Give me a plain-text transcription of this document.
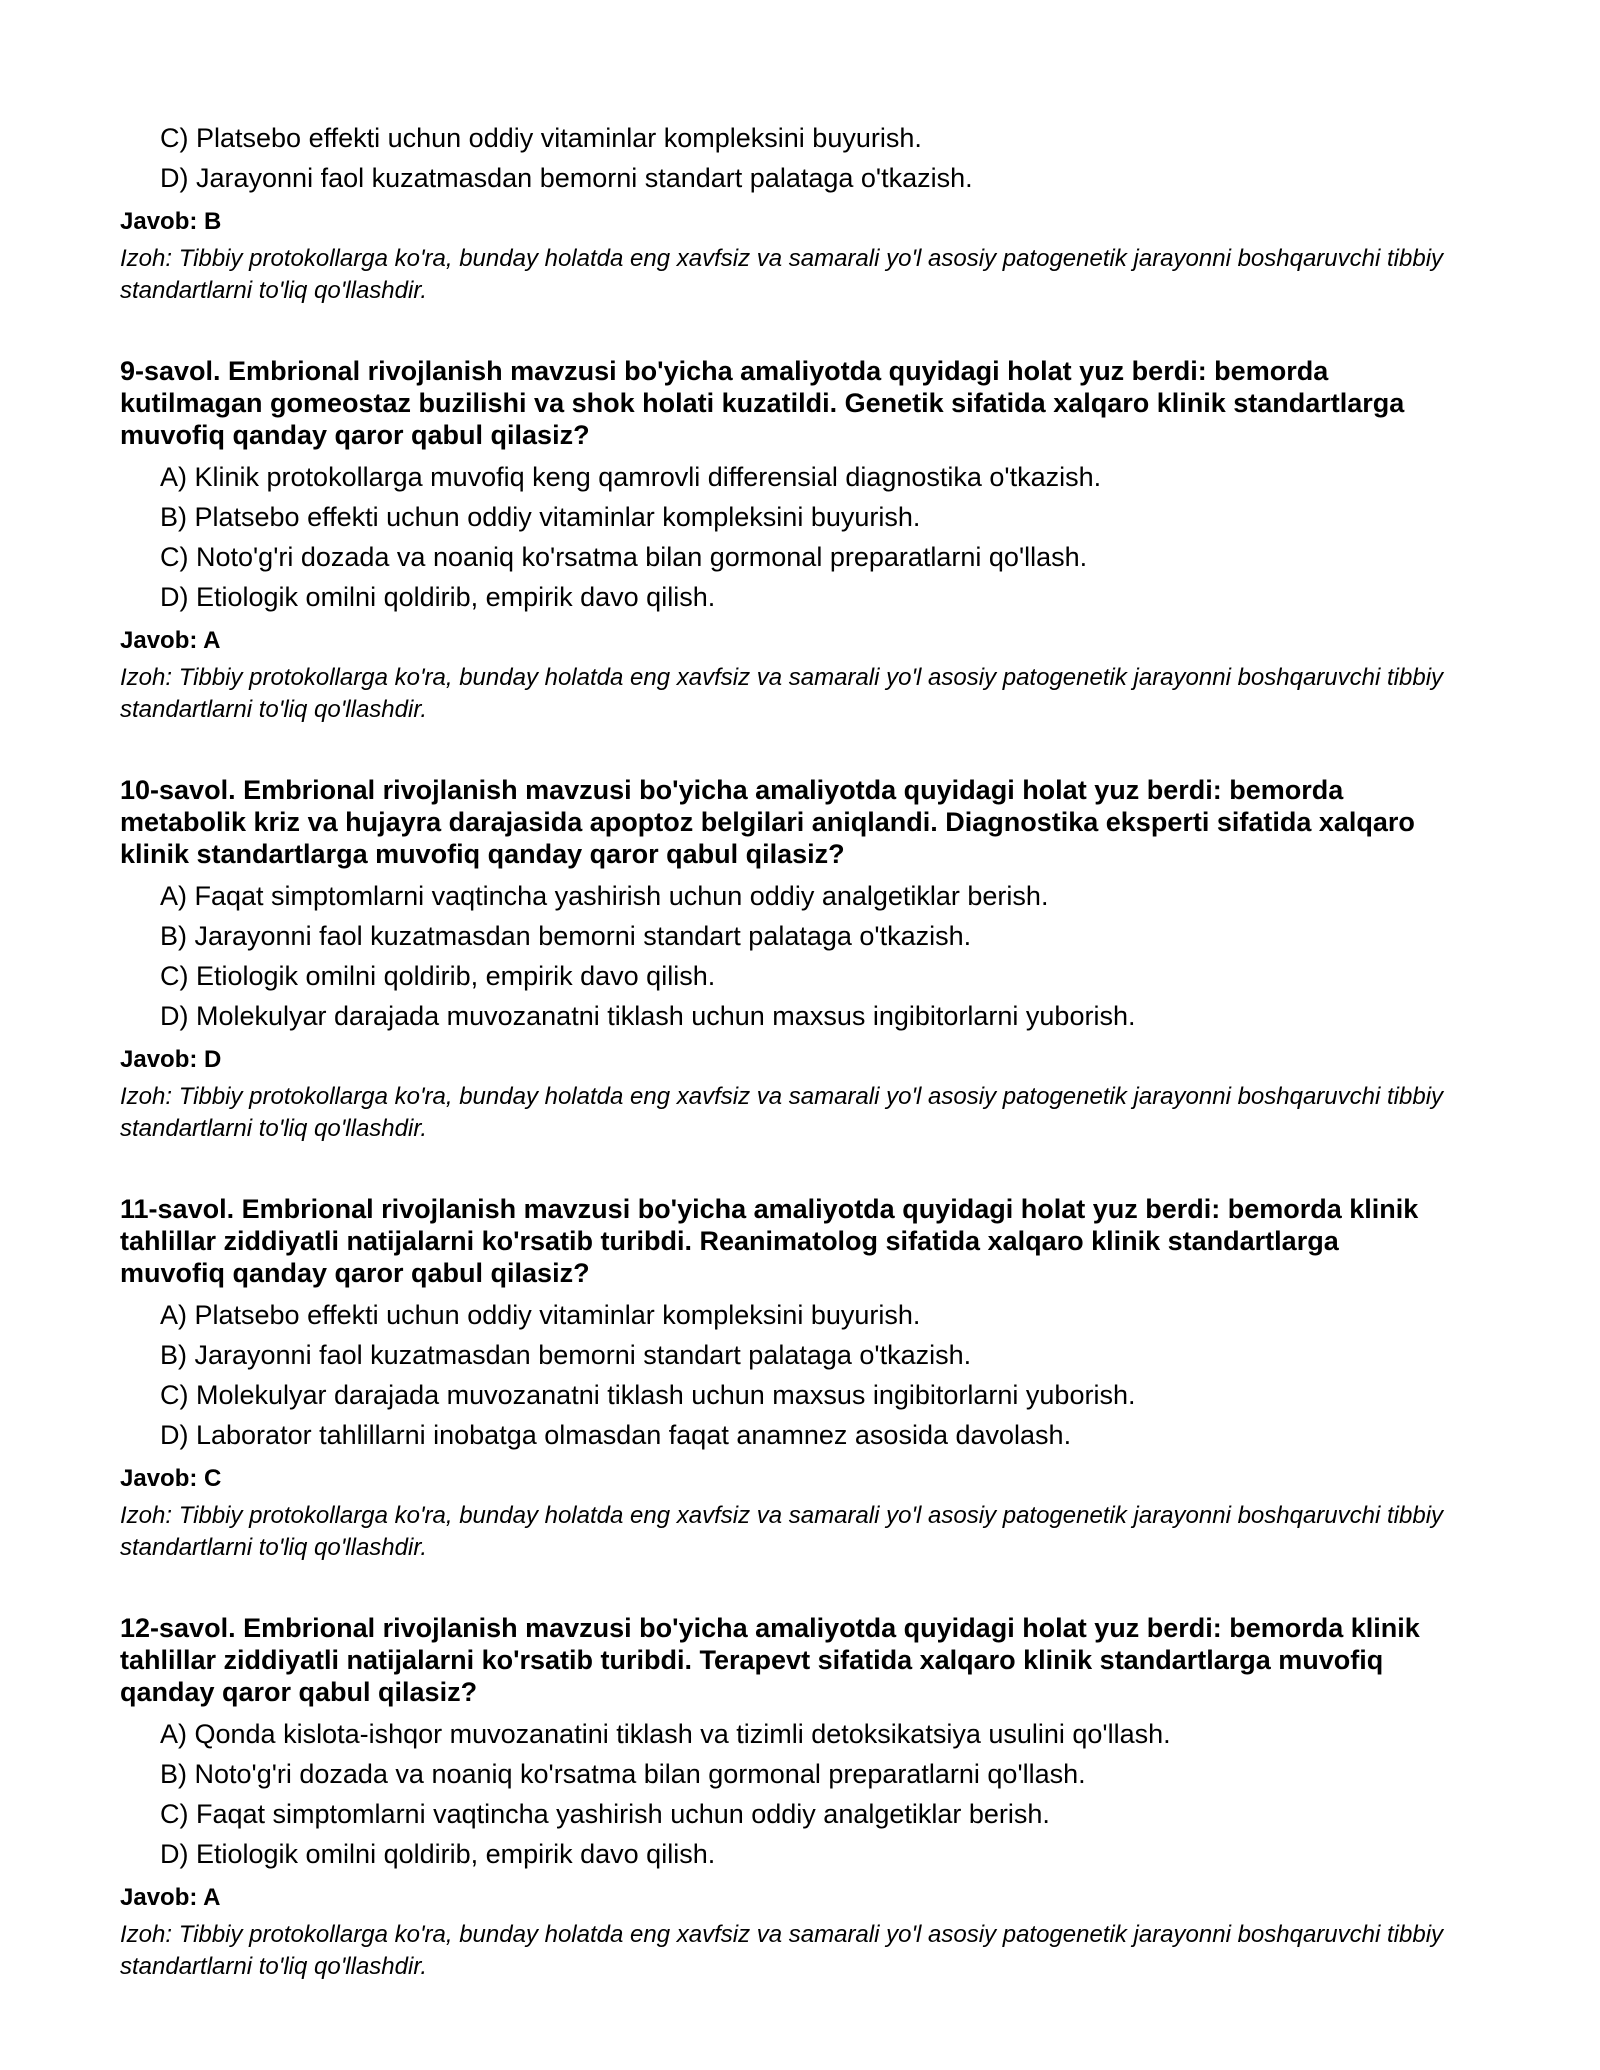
C) Platsebo effekti uchun oddiy vitaminlar kompleksini buyurish.
D) Jarayonni faol kuzatmasdan bemorni standart palataga o'tkazish.
Javob: B
Izoh: Tibbiy protokollarga ko'ra, bunday holatda eng xavfsiz va samarali yo'l asosiy patogenetik jarayonni boshqaruvchi tibbiy standartlarni to'liq qo'llashdir.
9-savol. Embrional rivojlanish mavzusi bo'yicha amaliyotda quyidagi holat yuz berdi: bemorda kutilmagan gomeostaz buzilishi va shok holati kuzatildi. Genetik sifatida xalqaro klinik standartlarga muvofiq qanday qaror qabul qilasiz?
A) Klinik protokollarga muvofiq keng qamrovli differensial diagnostika o'tkazish.
B) Platsebo effekti uchun oddiy vitaminlar kompleksini buyurish.
C) Noto'g'ri dozada va noaniq ko'rsatma bilan gormonal preparatlarni qo'llash.
D) Etiologik omilni qoldirib, empirik davo qilish.
Javob: A
Izoh: Tibbiy protokollarga ko'ra, bunday holatda eng xavfsiz va samarali yo'l asosiy patogenetik jarayonni boshqaruvchi tibbiy standartlarni to'liq qo'llashdir.
10-savol. Embrional rivojlanish mavzusi bo'yicha amaliyotda quyidagi holat yuz berdi: bemorda metabolik kriz va hujayra darajasida apoptoz belgilari aniqlandi. Diagnostika eksperti sifatida xalqaro klinik standartlarga muvofiq qanday qaror qabul qilasiz?
A) Faqat simptomlarni vaqtincha yashirish uchun oddiy analgetiklar berish.
B) Jarayonni faol kuzatmasdan bemorni standart palataga o'tkazish.
C) Etiologik omilni qoldirib, empirik davo qilish.
D) Molekulyar darajada muvozanatni tiklash uchun maxsus ingibitorlarni yuborish.
Javob: D
Izoh: Tibbiy protokollarga ko'ra, bunday holatda eng xavfsiz va samarali yo'l asosiy patogenetik jarayonni boshqaruvchi tibbiy standartlarni to'liq qo'llashdir.
11-savol. Embrional rivojlanish mavzusi bo'yicha amaliyotda quyidagi holat yuz berdi: bemorda klinik tahlillar ziddiyatli natijalarni ko'rsatib turibdi. Reanimatolog sifatida xalqaro klinik standartlarga muvofiq qanday qaror qabul qilasiz?
A) Platsebo effekti uchun oddiy vitaminlar kompleksini buyurish.
B) Jarayonni faol kuzatmasdan bemorni standart palataga o'tkazish.
C) Molekulyar darajada muvozanatni tiklash uchun maxsus ingibitorlarni yuborish.
D) Laborator tahlillarni inobatga olmasdan faqat anamnez asosida davolash.
Javob: C
Izoh: Tibbiy protokollarga ko'ra, bunday holatda eng xavfsiz va samarali yo'l asosiy patogenetik jarayonni boshqaruvchi tibbiy standartlarni to'liq qo'llashdir.
12-savol. Embrional rivojlanish mavzusi bo'yicha amaliyotda quyidagi holat yuz berdi: bemorda klinik tahlillar ziddiyatli natijalarni ko'rsatib turibdi. Terapevt sifatida xalqaro klinik standartlarga muvofiq qanday qaror qabul qilasiz?
A) Qonda kislota-ishqor muvozanatini tiklash va tizimli detoksikatsiya usulini qo'llash.
B) Noto'g'ri dozada va noaniq ko'rsatma bilan gormonal preparatlarni qo'llash.
C) Faqat simptomlarni vaqtincha yashirish uchun oddiy analgetiklar berish.
D) Etiologik omilni qoldirib, empirik davo qilish.
Javob: A
Izoh: Tibbiy protokollarga ko'ra, bunday holatda eng xavfsiz va samarali yo'l asosiy patogenetik jarayonni boshqaruvchi tibbiy standartlarni to'liq qo'llashdir.
